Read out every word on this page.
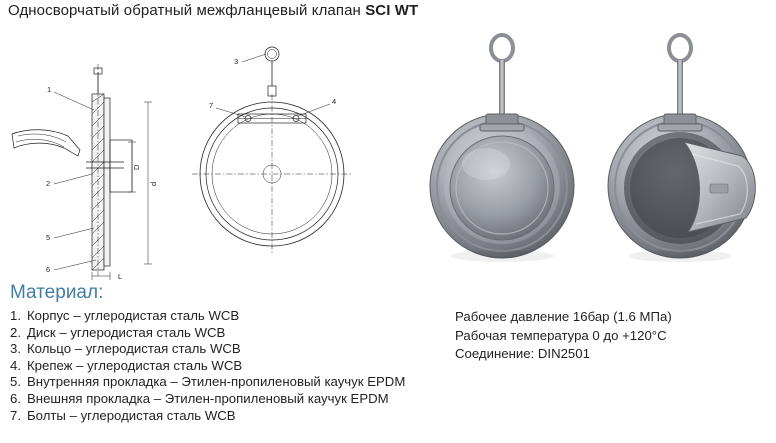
Односворчатый обратный межфланцевый клапан SCI WT
D
d
L
1
2
5
6
3
7	4
Материал:
1. Корпус – углеродистая сталь WCB
2. Диск – углеродистая сталь WCB
3. Кольцо – углеродистая сталь WCB
4. Крепеж – углеродистая сталь WCB
5. Внутренняя прокладка – Этилен-пропиленовый каучук EPDM
6. Внешняя прокладка – Этилен-пропиленовый каучук EPDM
7. Болты – углеродистая сталь WCB
Рабочее давление 16бар (1.6 МПа)
Рабочая температура 0 до +120°C
Соединение: DIN2501
